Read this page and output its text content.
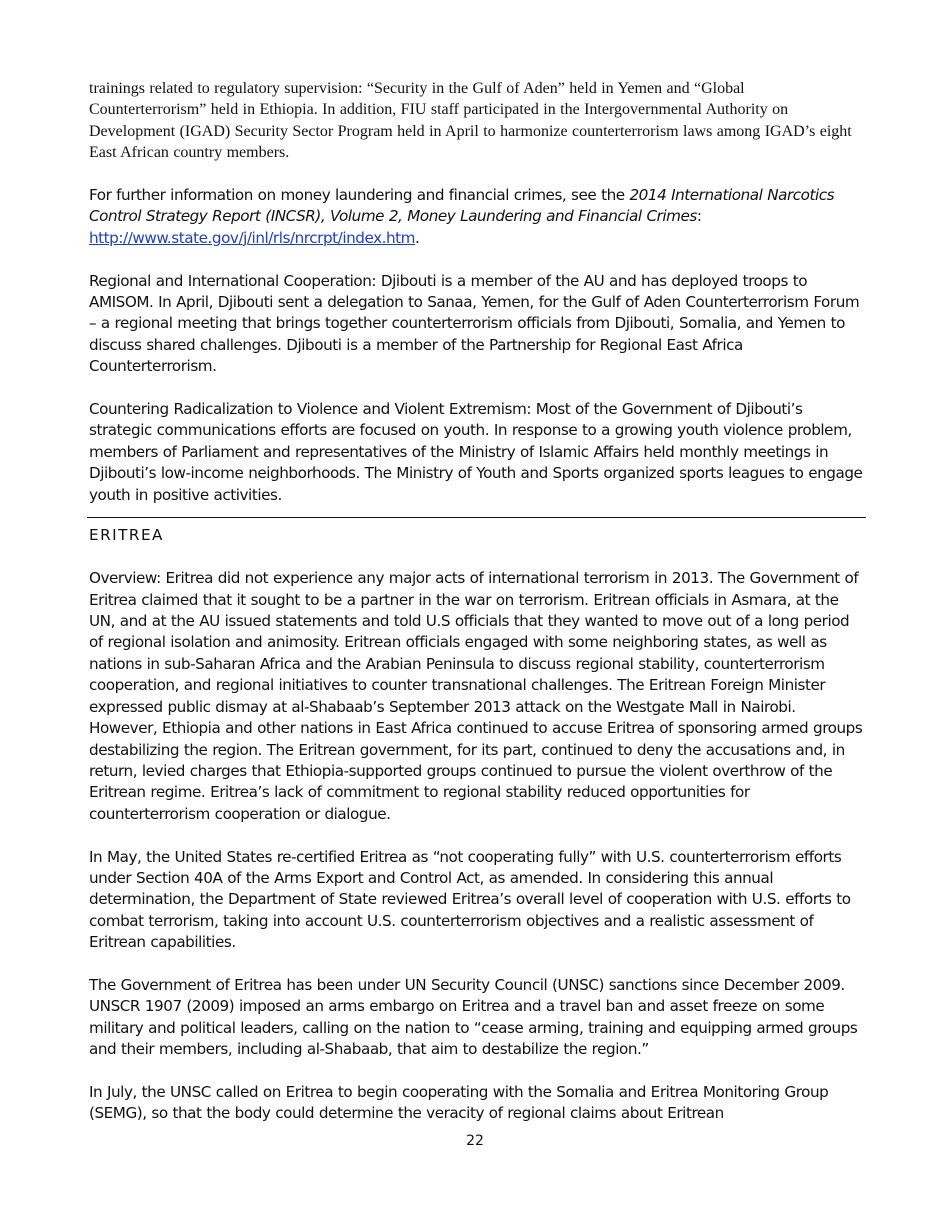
trainings related to regulatory supervision: “Security in the Gulf of Aden” held in Yemen and “Global Counterterrorism” held in Ethiopia. In addition, FIU staff participated in the Intergovernmental Authority on Development (IGAD) Security Sector Program held in April to harmonize counterterrorism laws among IGAD’s eight East African country members.

For further information on money laundering and financial crimes, see the 2014 International Narcotics Control Strategy Report (INCSR), Volume 2, Money Laundering and Financial Crimes: http://www.state.gov/j/inl/rls/nrcrpt/index.htm.

Regional and International Cooperation: Djibouti is a member of the AU and has deployed troops to AMISOM. In April, Djibouti sent a delegation to Sanaa, Yemen, for the Gulf of Aden Counterterrorism Forum – a regional meeting that brings together counterterrorism officials from Djibouti, Somalia, and Yemen to discuss shared challenges. Djibouti is a member of the Partnership for Regional East Africa Counterterrorism.

Countering Radicalization to Violence and Violent Extremism: Most of the Government of Djibouti’s strategic communications efforts are focused on youth. In response to a growing youth violence problem, members of Parliament and representatives of the Ministry of Islamic Affairs held monthly meetings in Djibouti’s low-income neighborhoods. The Ministry of Youth and Sports organized sports leagues to engage youth in positive activities.

ERITREA

Overview: Eritrea did not experience any major acts of international terrorism in 2013. The Government of Eritrea claimed that it sought to be a partner in the war on terrorism. Eritrean officials in Asmara, at the UN, and at the AU issued statements and told U.S officials that they wanted to move out of a long period of regional isolation and animosity. Eritrean officials engaged with some neighboring states, as well as nations in sub-Saharan Africa and the Arabian Peninsula to discuss regional stability, counterterrorism cooperation, and regional initiatives to counter transnational challenges. The Eritrean Foreign Minister expressed public dismay at al-Shabaab’s September 2013 attack on the Westgate Mall in Nairobi. However, Ethiopia and other nations in East Africa continued to accuse Eritrea of sponsoring armed groups destabilizing the region. The Eritrean government, for its part, continued to deny the accusations and, in return, levied charges that Ethiopia-supported groups continued to pursue the violent overthrow of the Eritrean regime. Eritrea’s lack of commitment to regional stability reduced opportunities for counterterrorism cooperation or dialogue.

In May, the United States re-certified Eritrea as “not cooperating fully” with U.S. counterterrorism efforts under Section 40A of the Arms Export and Control Act, as amended. In considering this annual determination, the Department of State reviewed Eritrea’s overall level of cooperation with U.S. efforts to combat terrorism, taking into account U.S. counterterrorism objectives and a realistic assessment of Eritrean capabilities.

The Government of Eritrea has been under UN Security Council (UNSC) sanctions since December 2009. UNSCR 1907 (2009) imposed an arms embargo on Eritrea and a travel ban and asset freeze on some military and political leaders, calling on the nation to “cease arming, training and equipping armed groups and their members, including al-Shabaab, that aim to destabilize the region.”

In July, the UNSC called on Eritrea to begin cooperating with the Somalia and Eritrea Monitoring Group (SEMG), so that the body could determine the veracity of regional claims about Eritrean

22
